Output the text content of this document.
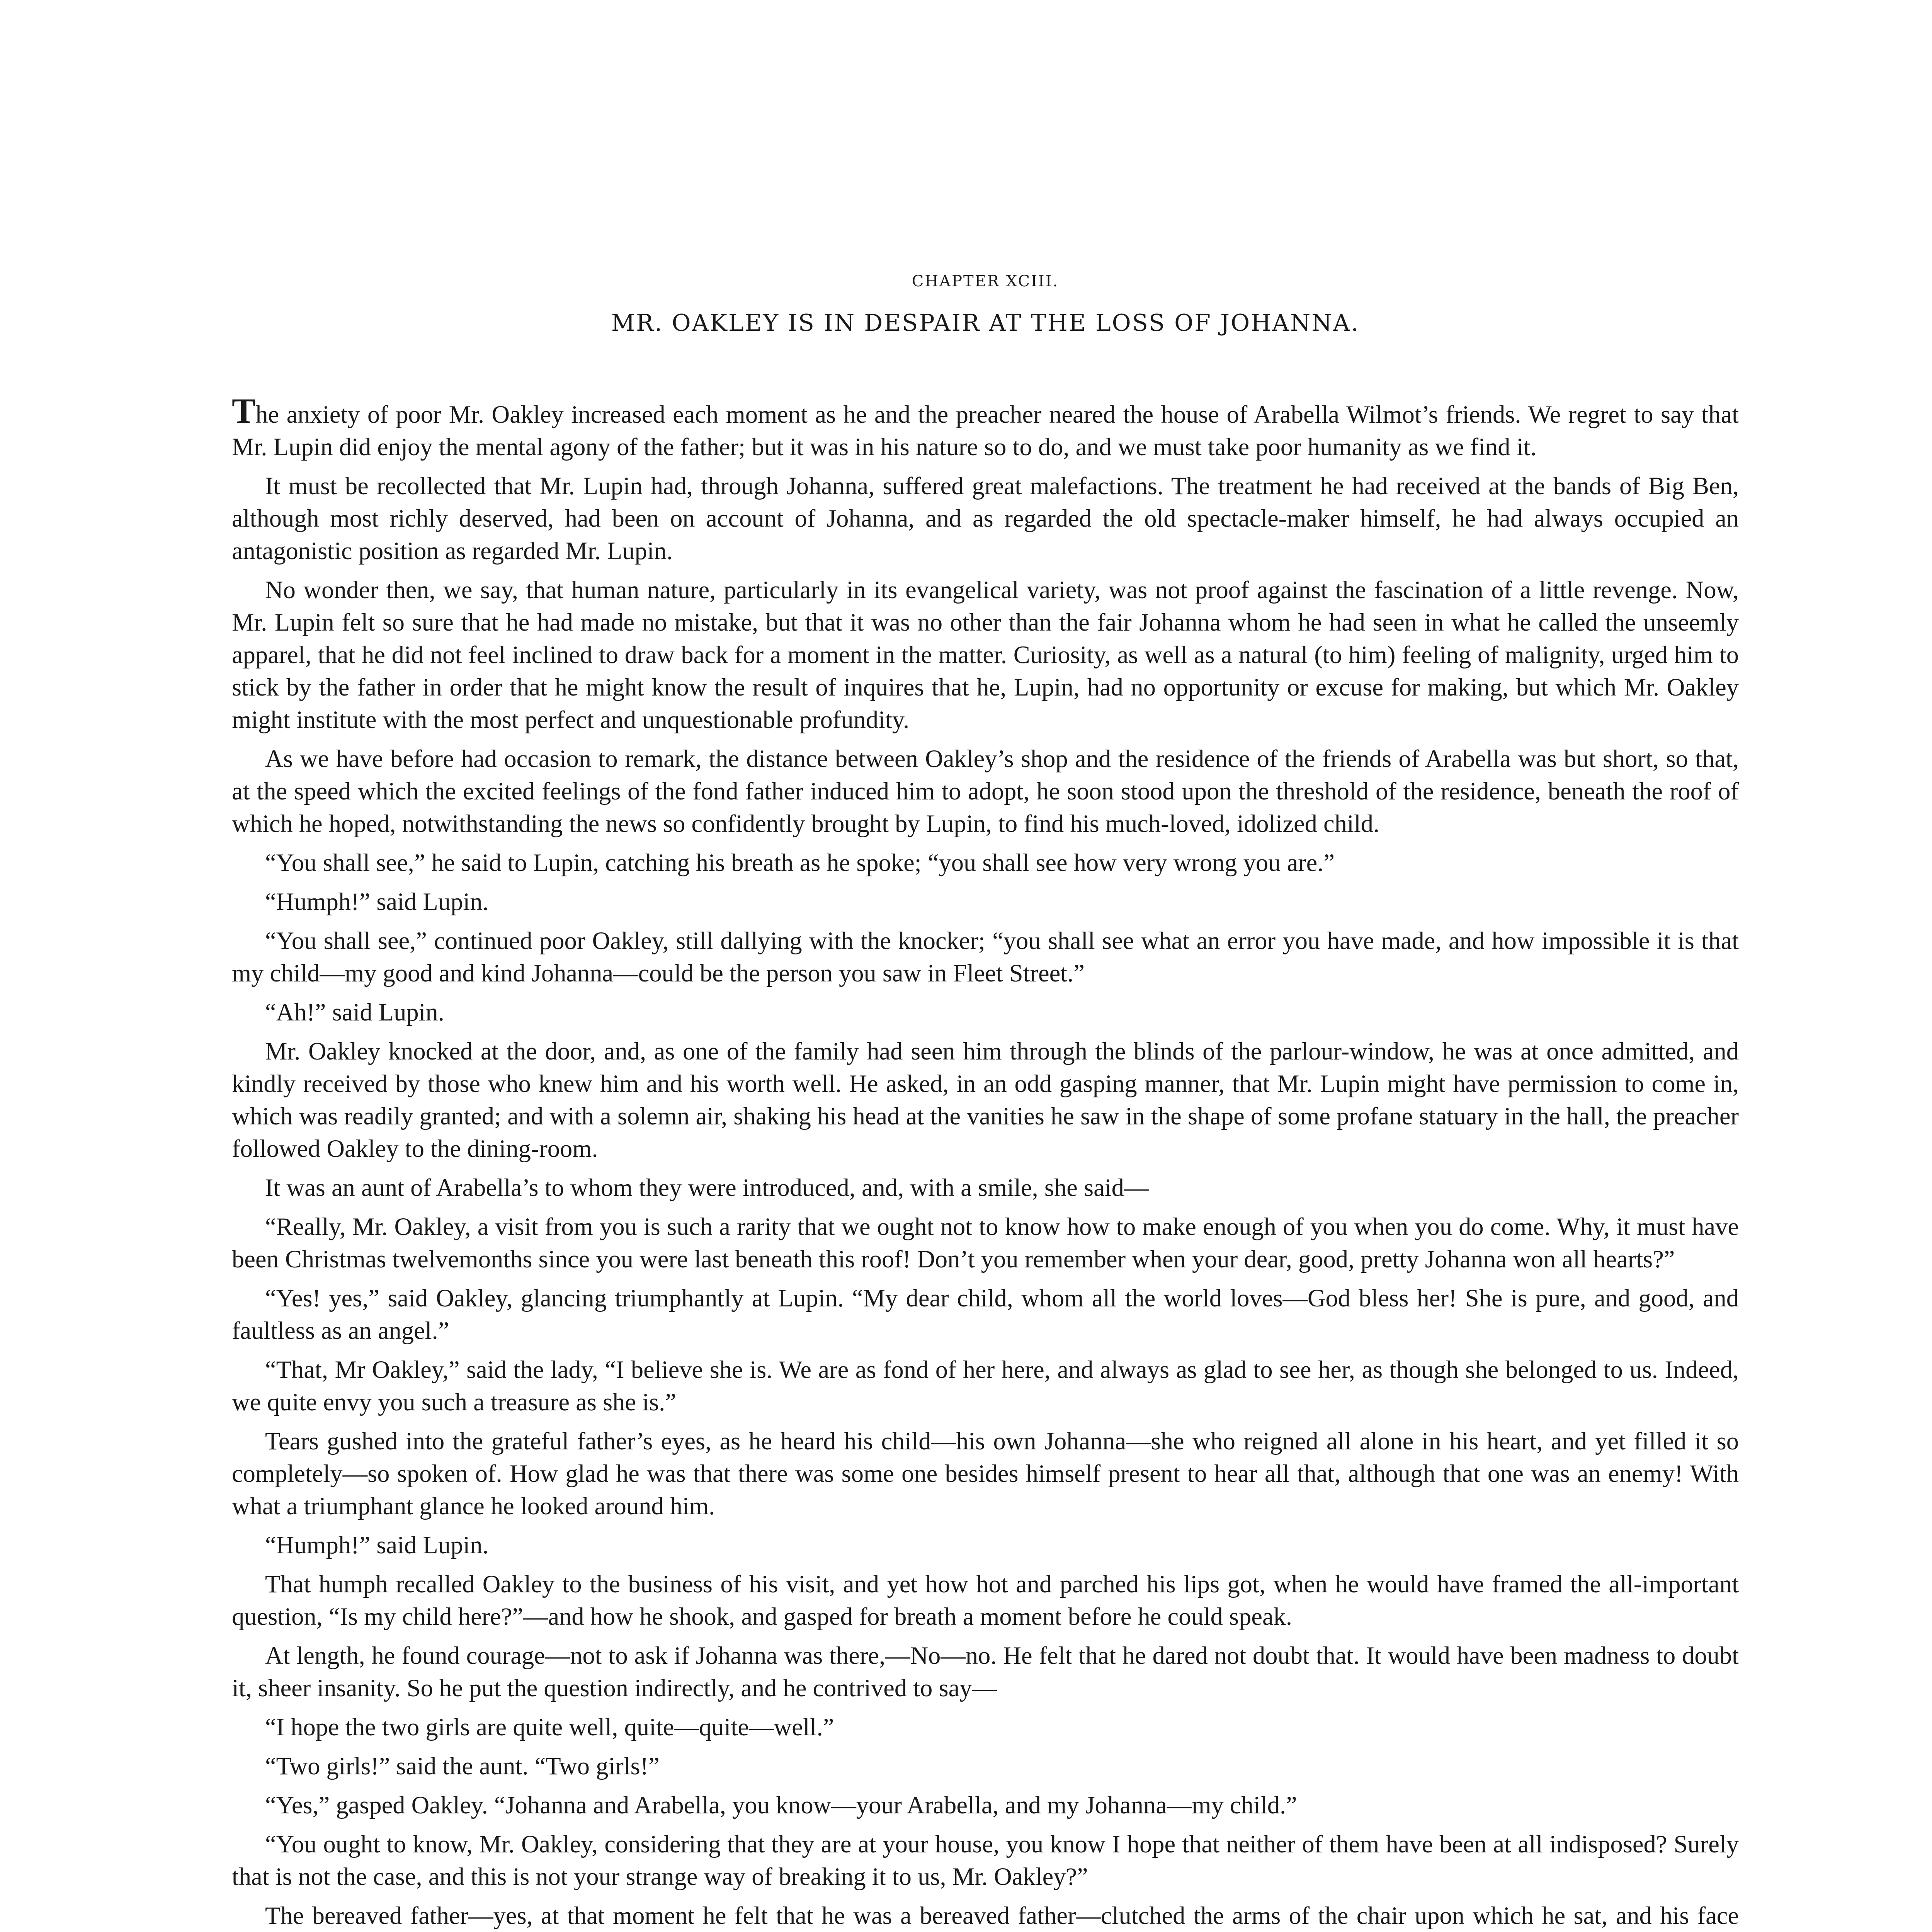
CHAPTER XCIII.
MR. OAKLEY IS IN DESPAIR AT THE LOSS OF JOHANNA.

The anxiety of poor Mr. Oakley increased each moment as he and the preacher neared the house of Arabella Wilmot’s friends. We regret to say that Mr. Lupin did enjoy the mental agony of the father; but it was in his nature so to do, and we must take poor humanity as we find it.

It must be recollected that Mr. Lupin had, through Johanna, suffered great malefactions. The treatment he had received at the bands of Big Ben, although most richly deserved, had been on account of Johanna, and as regarded the old spectacle-maker himself, he had always occupied an antagonistic position as regarded Mr. Lupin.

No wonder then, we say, that human nature, particularly in its evangelical variety, was not proof against the fascination of a little revenge. Now, Mr. Lupin felt so sure that he had made no mistake, but that it was no other than the fair Johanna whom he had seen in what he called the unseemly apparel, that he did not feel inclined to draw back for a moment in the matter. Curiosity, as well as a natural (to him) feeling of malignity, urged him to stick by the father in order that he might know the result of inquires that he, Lupin, had no opportunity or excuse for making, but which Mr. Oakley might institute with the most perfect and unquestionable profundity.

As we have before had occasion to remark, the distance between Oakley’s shop and the residence of the friends of Arabella was but short, so that, at the speed which the excited feelings of the fond father induced him to adopt, he soon stood upon the threshold of the residence, beneath the roof of which he hoped, notwithstanding the news so confidently brought by Lupin, to find his much-loved, idolized child.

“You shall see,” he said to Lupin, catching his breath as he spoke; “you shall see how very wrong you are.”

“Humph!” said Lupin.

“You shall see,” continued poor Oakley, still dallying with the knocker; “you shall see what an error you have made, and how impossible it is that my child—my good and kind Johanna—could be the person you saw in Fleet Street.”

“Ah!” said Lupin.

Mr. Oakley knocked at the door, and, as one of the family had seen him through the blinds of the parlour-window, he was at once admitted, and kindly received by those who knew him and his worth well. He asked, in an odd gasping manner, that Mr. Lupin might have permission to come in, which was readily granted; and with a solemn air, shaking his head at the vanities he saw in the shape of some profane statuary in the hall, the preacher followed Oakley to the dining-room.

It was an aunt of Arabella’s to whom they were introduced, and, with a smile, she said—

“Really, Mr. Oakley, a visit from you is such a rarity that we ought not to know how to make enough of you when you do come. Why, it must have been Christmas twelvemonths since you were last beneath this roof! Don’t you remember when your dear, good, pretty Johanna won all hearts?”

“Yes! yes,” said Oakley, glancing triumphantly at Lupin. “My dear child, whom all the world loves—God bless her! She is pure, and good, and faultless as an angel.”

“That, Mr Oakley,” said the lady, “I believe she is. We are as fond of her here, and always as glad to see her, as though she belonged to us. Indeed, we quite envy you such a treasure as she is.”

Tears gushed into the grateful father’s eyes, as he heard his child—his own Johanna—she who reigned all alone in his heart, and yet filled it so completely—so spoken of. How glad he was that there was some one besides himself present to hear all that, although that one was an enemy! With what a triumphant glance he looked around him.

“Humph!” said Lupin.

That humph recalled Oakley to the business of his visit, and yet how hot and parched his lips got, when he would have framed the all-important question, “Is my child here?”—and how he shook, and gasped for breath a moment before he could speak.

At length, he found courage—not to ask if Johanna was there,—No—no. He felt that he dared not doubt that. It would have been madness to doubt it, sheer insanity. So he put the question indirectly, and he contrived to say—

“I hope the two girls are quite well, quite—quite—well.”

“Two girls!” said the aunt. “Two girls!”

“Yes,” gasped Oakley. “Johanna and Arabella, you know—your Arabella, and my Johanna—my child.”

“You ought to know, Mr. Oakley, considering that they are at your house, you know I hope that neither of them have been at all indisposed? Surely that is not the case, and this is not your strange way of breaking it to us, Mr. Oakley?”

The bereaved father—yes, at that moment he felt that he was a bereaved father—clutched the arms of the chair upon which he sat, and his face
